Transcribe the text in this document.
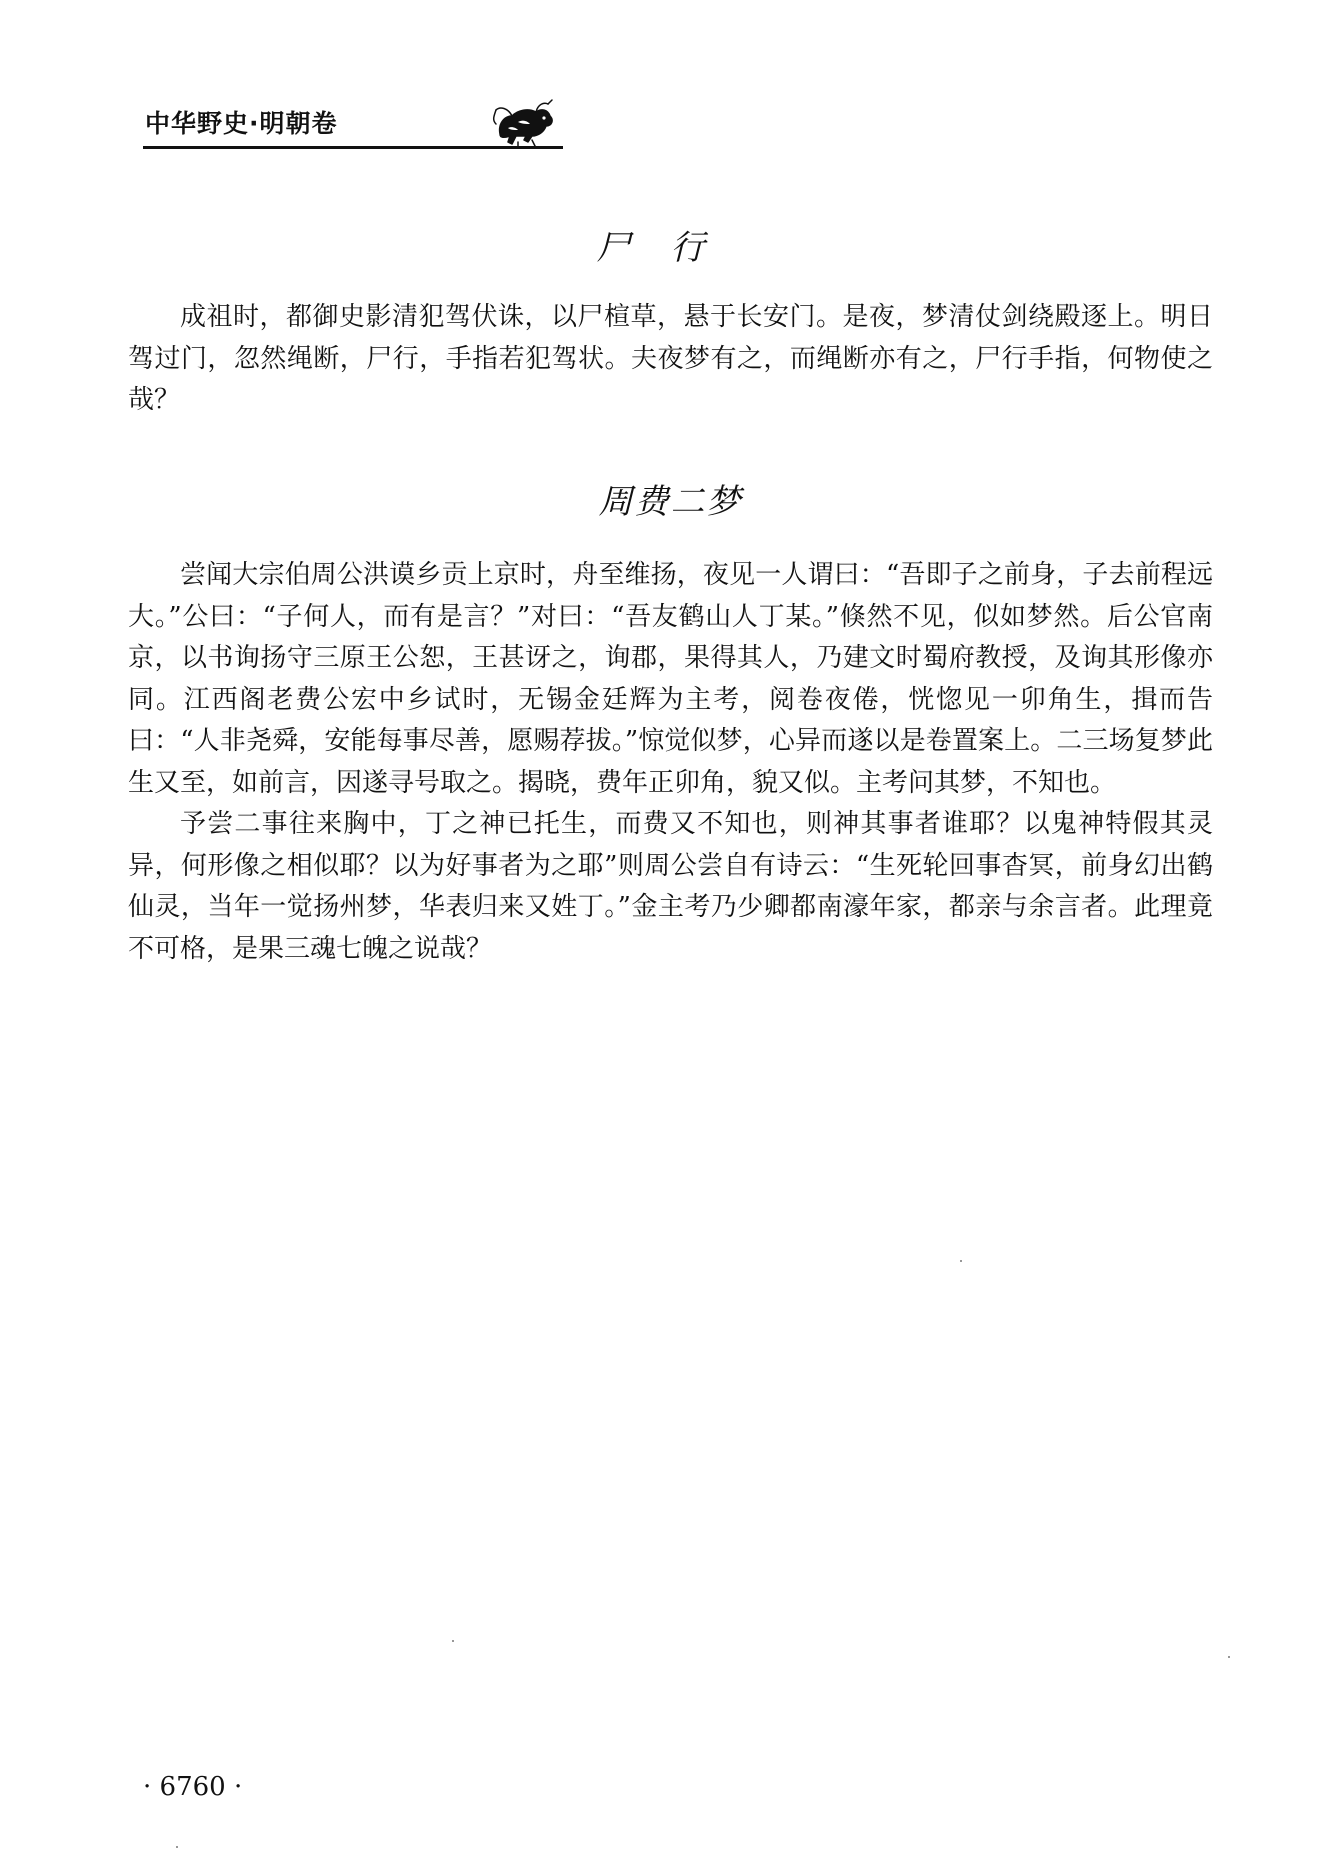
中华野史·明朝卷
尸行

成祖时，都御史影清犯驾伏诛，以尸楦草，悬于长安门。是夜，梦清仗剑绕殿逐上。明日驾过门，忽然绳断，尸行，手指若犯驾状。夫夜梦有之，而绳断亦有之，尸行手指，何物使之哉？

周费二梦

尝闻大宗伯周公洪谟乡贡上京时，舟至维扬，夜见一人谓曰：“吾即子之前身，子去前程远大。”公曰：“子何人，而有是言？”对曰：“吾友鹤山人丁某。”倏然不见，似如梦然。后公官南京，以书询扬守三原王公恕，王甚讶之，询郡，果得其人，乃建文时蜀府教授，及询其形像亦同。江西阁老费公宏中乡试时，无锡金廷辉为主考，阅卷夜倦，恍惚见一卯角生，揖而告曰：“人非尧舜，安能每事尽善，愿赐荐拔。”惊觉似梦，心异而遂以是卷置案上。二三场复梦此生又至，如前言，因遂寻号取之。揭晓，费年正卯角，貌又似。主考问其梦，不知也。

予尝二事往来胸中，丁之神已托生，而费又不知也，则神其事者谁耶？以鬼神特假其灵异，何形像之相似耶？以为好事者为之耶”则周公尝自有诗云：“生死轮回事杳冥，前身幻出鹤仙灵，当年一觉扬州梦，华表归来又姓丁。”金主考乃少卿都南濠年家，都亲与余言者。此理竟不可格，是果三魂七魄之说哉？

· 6760 ·
